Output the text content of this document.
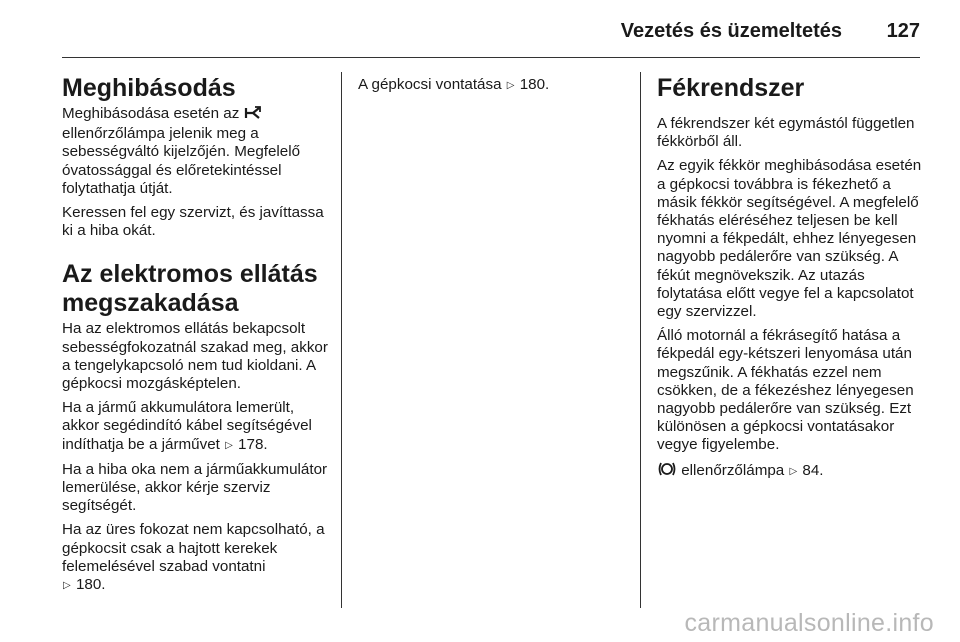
Vezetés és üzemeltetés 127
Meghibásodás

Meghibásodása esetén az  ellenőrzőlámpa jelenik meg a sebességváltó kijelzőjén. Megfelelő óvatossággal és előretekintéssel folytathatja útját.

Keressen fel egy szervizt, és javíttassa ki a hiba okát.

Az elektromos ellátás megszakadása

Ha az elektromos ellátás bekapcsolt sebességfokozatnál szakad meg, akkor a tengelykapcsoló nem tud kioldani. A gépkocsi mozgásképtelen.

Ha a jármű akkumulátora lemerült, akkor segédindító kábel segítségével indíthatja be a járművet ▷ 178.

Ha a hiba oka nem a járműakkumulátor lemerülése, akkor kérje szerviz segítségét.

Ha az üres fokozat nem kapcsolható, a gépkocsit csak a hajtott kerekek felemelésével szabad vontatni
▷ 180.

A gépkocsi vontatása ▷ 180.	Fékrendszer

A fékrendszer két egymástól független fékkörből áll.

Az egyik fékkör meghibásodása esetén a gépkocsi továbbra is fékezhető a másik fékkör segítségével. A megfelelő fékhatás eléréséhez teljesen be kell nyomni a fékpedált, ehhez lényegesen nagyobb pedálerőre van szükség. A fékút megnövekszik. Az utazás folytatása előtt vegye fel a kapcsolatot egy szervizzel.

Álló motornál a fékrásegítő hatása a fékpedál egy-kétszeri lenyomása után megszűnik. A fékhatás ezzel nem csökken, de a fékezéshez lényegesen nagyobb pedálerőre van szükség. Ezt különösen a gépkocsi vontatásakor vegye figyelembe.

ellenőrzőlámpa ▷ 84.

carmanualsonline.info
